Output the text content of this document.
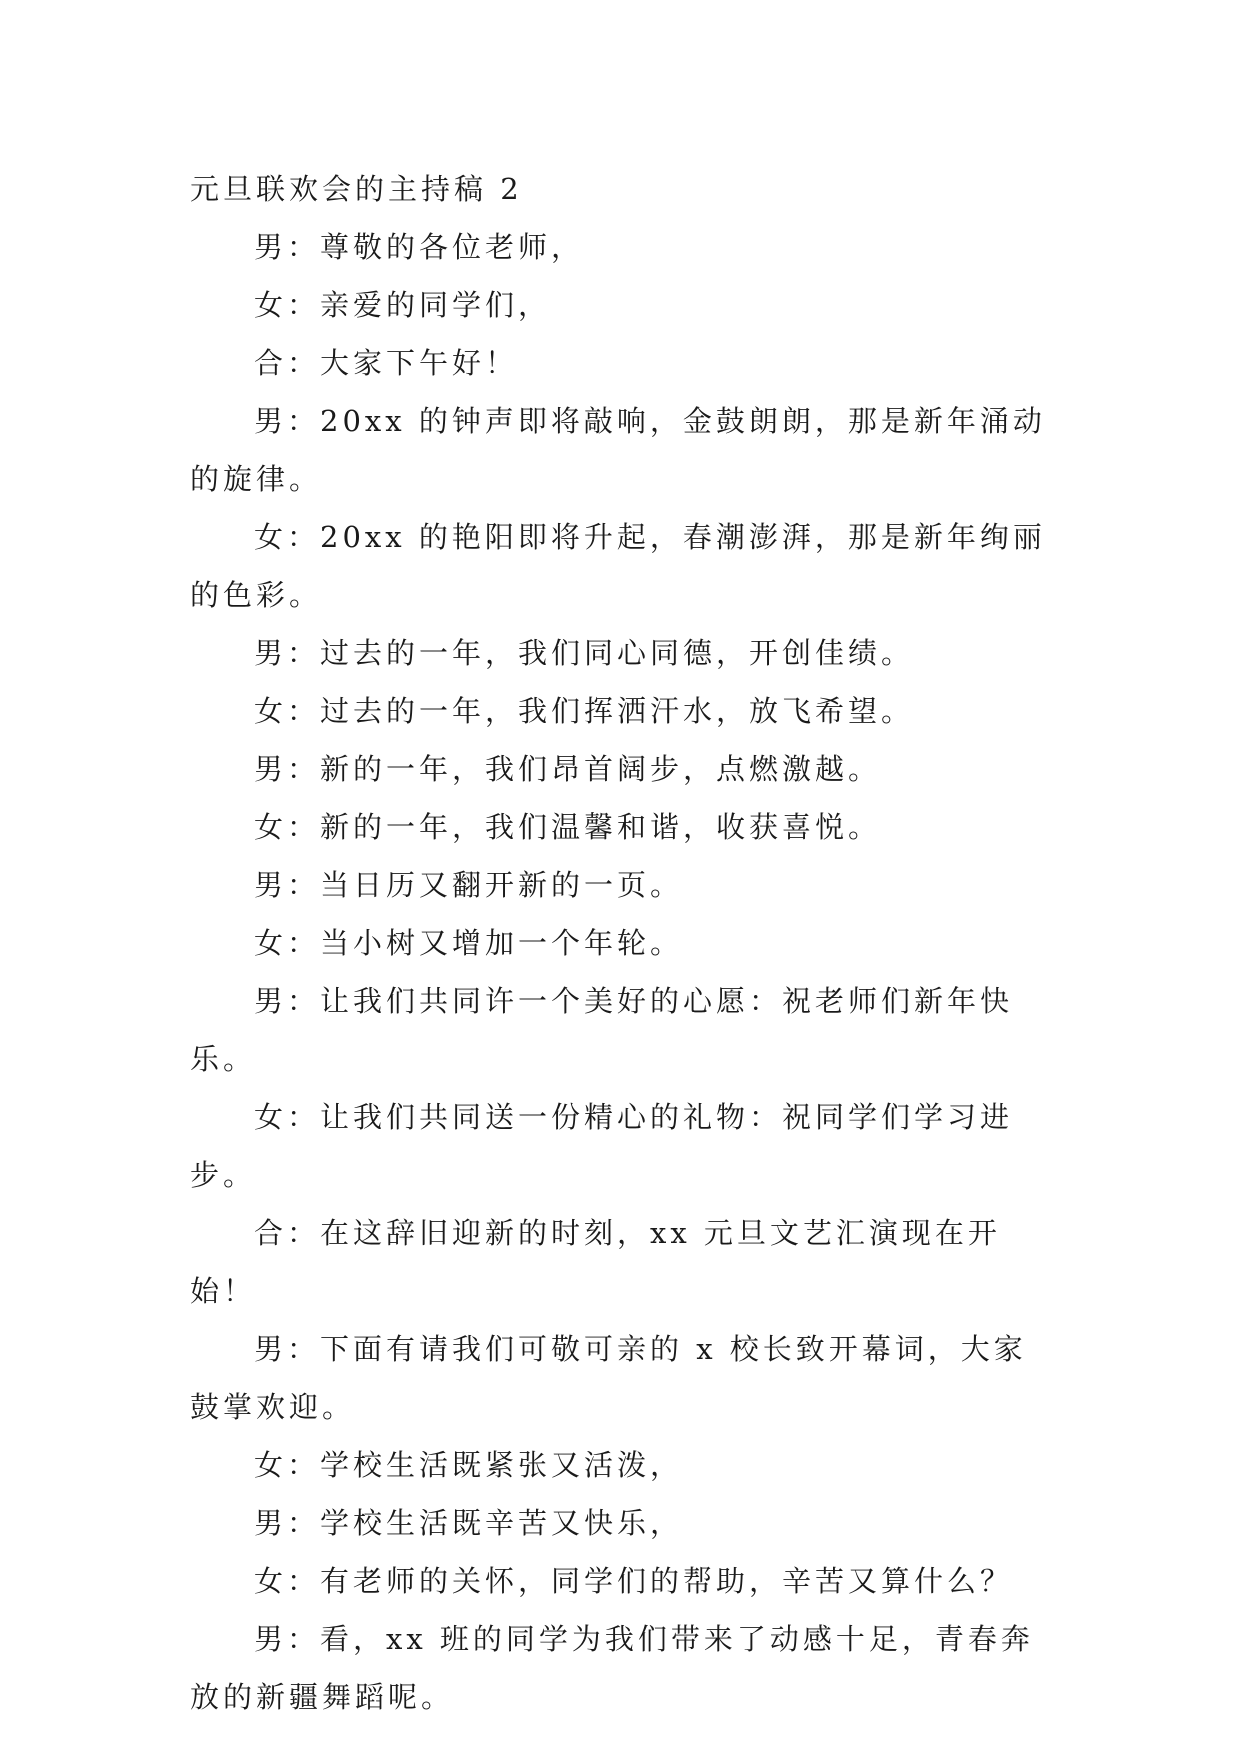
元旦联欢会的主持稿 2

男：尊敬的各位老师，

女：亲爱的同学们，

合：大家下午好！

男：20xx 的钟声即将敲响，金鼓朗朗，那是新年涌动的旋律。

女：20xx 的艳阳即将升起，春潮澎湃，那是新年绚丽的色彩。

男：过去的一年，我们同心同德，开创佳绩。

女：过去的一年，我们挥洒汗水，放飞希望。

男：新的一年，我们昂首阔步，点燃激越。

女：新的一年，我们温馨和谐，收获喜悦。

男：当日历又翻开新的一页。

女：当小树又增加一个年轮。

男：让我们共同许一个美好的心愿：祝老师们新年快乐。

女：让我们共同送一份精心的礼物：祝同学们学习进步。

合：在这辞旧迎新的时刻，xx 元旦文艺汇演现在开始！

男：下面有请我们可敬可亲的 x 校长致开幕词，大家鼓掌欢迎。

女：学校生活既紧张又活泼，

男：学校生活既辛苦又快乐，

女：有老师的关怀，同学们的帮助，辛苦又算什么？

男：看，xx 班的同学为我们带来了动感十足，青春奔放的新疆舞蹈呢。
